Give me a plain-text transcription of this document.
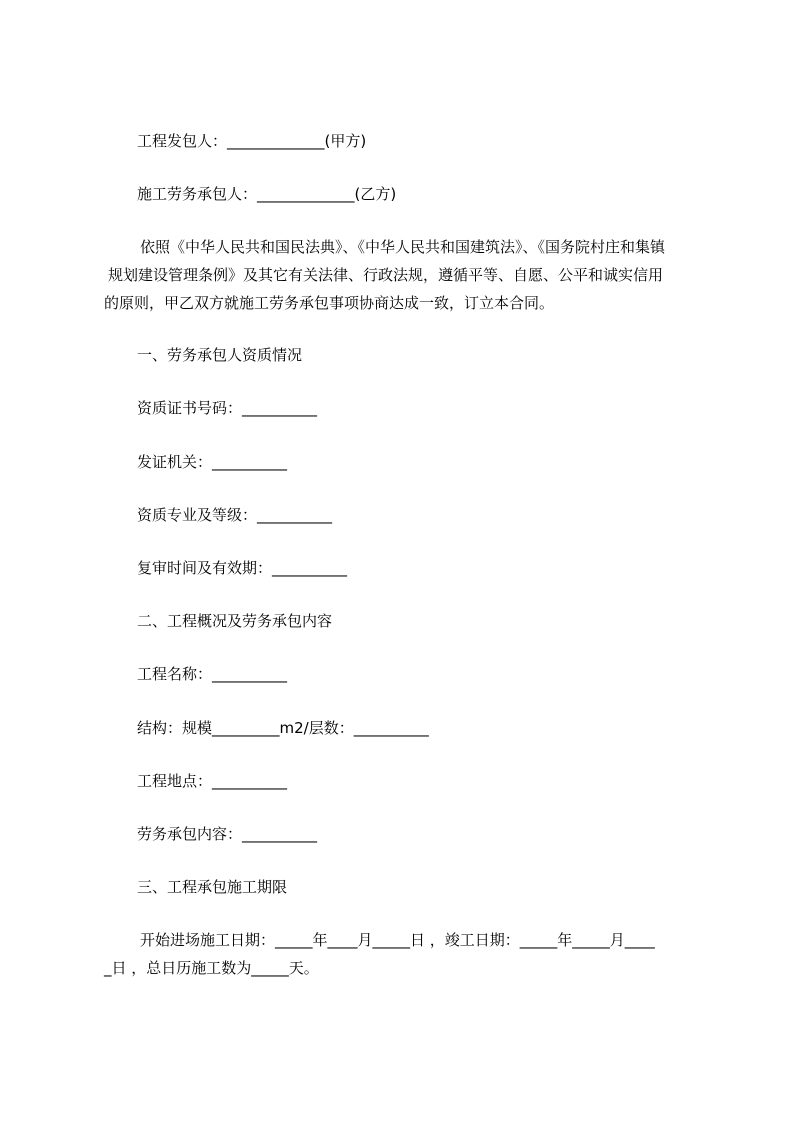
工程发包人：_____________(甲方)
施工劳务承包人：_____________(乙方)
依照《中华人民共和国民法典》、《中华人民共和国建筑法》、《国务院村庄和集镇
规划建设管理条例》及其它有关法律、行政法规，遵循平等、自愿、公平和诚实信用
的原则，甲乙双方就施工劳务承包事项协商达成一致，订立本合同。
一、劳务承包人资质情况
资质证书号码：__________
发证机关：__________
资质专业及等级：__________
复审时间及有效期：__________
二、工程概况及劳务承包内容
工程名称：__________
结构：规模_________m2/层数：__________
工程地点：__________
劳务承包内容：__________
三、工程承包施工期限
开始进场施工日期：_____年____月_____日 ，竣工日期：_____年_____月____
_日 ，总日历施工数为_____天。
